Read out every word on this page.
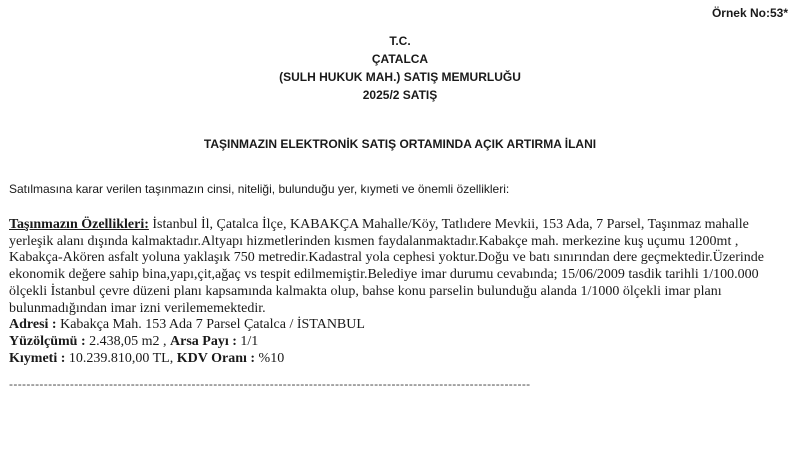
Örnek No:53*
T.C.
ÇATALCA
(SULH HUKUK MAH.) SATIŞ MEMURLUĞU
2025/2 SATIŞ
TAŞINMAZIN ELEKTRONİK SATIŞ ORTAMINDA AÇIK ARTIRMA İLANI
Satılmasına karar verilen taşınmazın cinsi, niteliği, bulunduğu yer, kıymeti ve önemli özellikleri:

Taşınmazın Özellikleri: İstanbul İl, Çatalca İlçe, KABAKÇA Mahalle/Köy, Tatlıdere Mevkii, 153 Ada, 7 Parsel, Taşınmaz mahalle yerleşik alanı dışında kalmaktadır.Altyapı hizmetlerinden kısmen faydalanmaktadır.Kabakçe mah. merkezine kuş uçumu 1200mt , Kabakça-Akören asfalt yoluna yaklaşık 750 metredir.Kadastral yola cephesi yoktur.Doğu ve batı sınırından dere geçmektedir.Üzerinde ekonomik değere sahip bina,yapı,çit,ağaç vs tespit edilmemiştir.Belediye imar durumu cevabında; 15/06/2009 tasdik tarihli 1/100.000 ölçekli İstanbul çevre düzeni planı kapsamında kalmakta olup, bahse konu parselin bulunduğu alanda 1/1000 ölçekli imar planı bulunmadığından imar izni verilememektedir.

Adresi : Kabakça Mah. 153 Ada 7 Parsel Çatalca / İSTANBUL

Yüzölçümü : 2.438,05 m2 , Arsa Payı : 1/1

Kıymeti : 10.239.810,00 TL, KDV Oranı : %10

------------------------------------------------------------------------------------------------------------------------
